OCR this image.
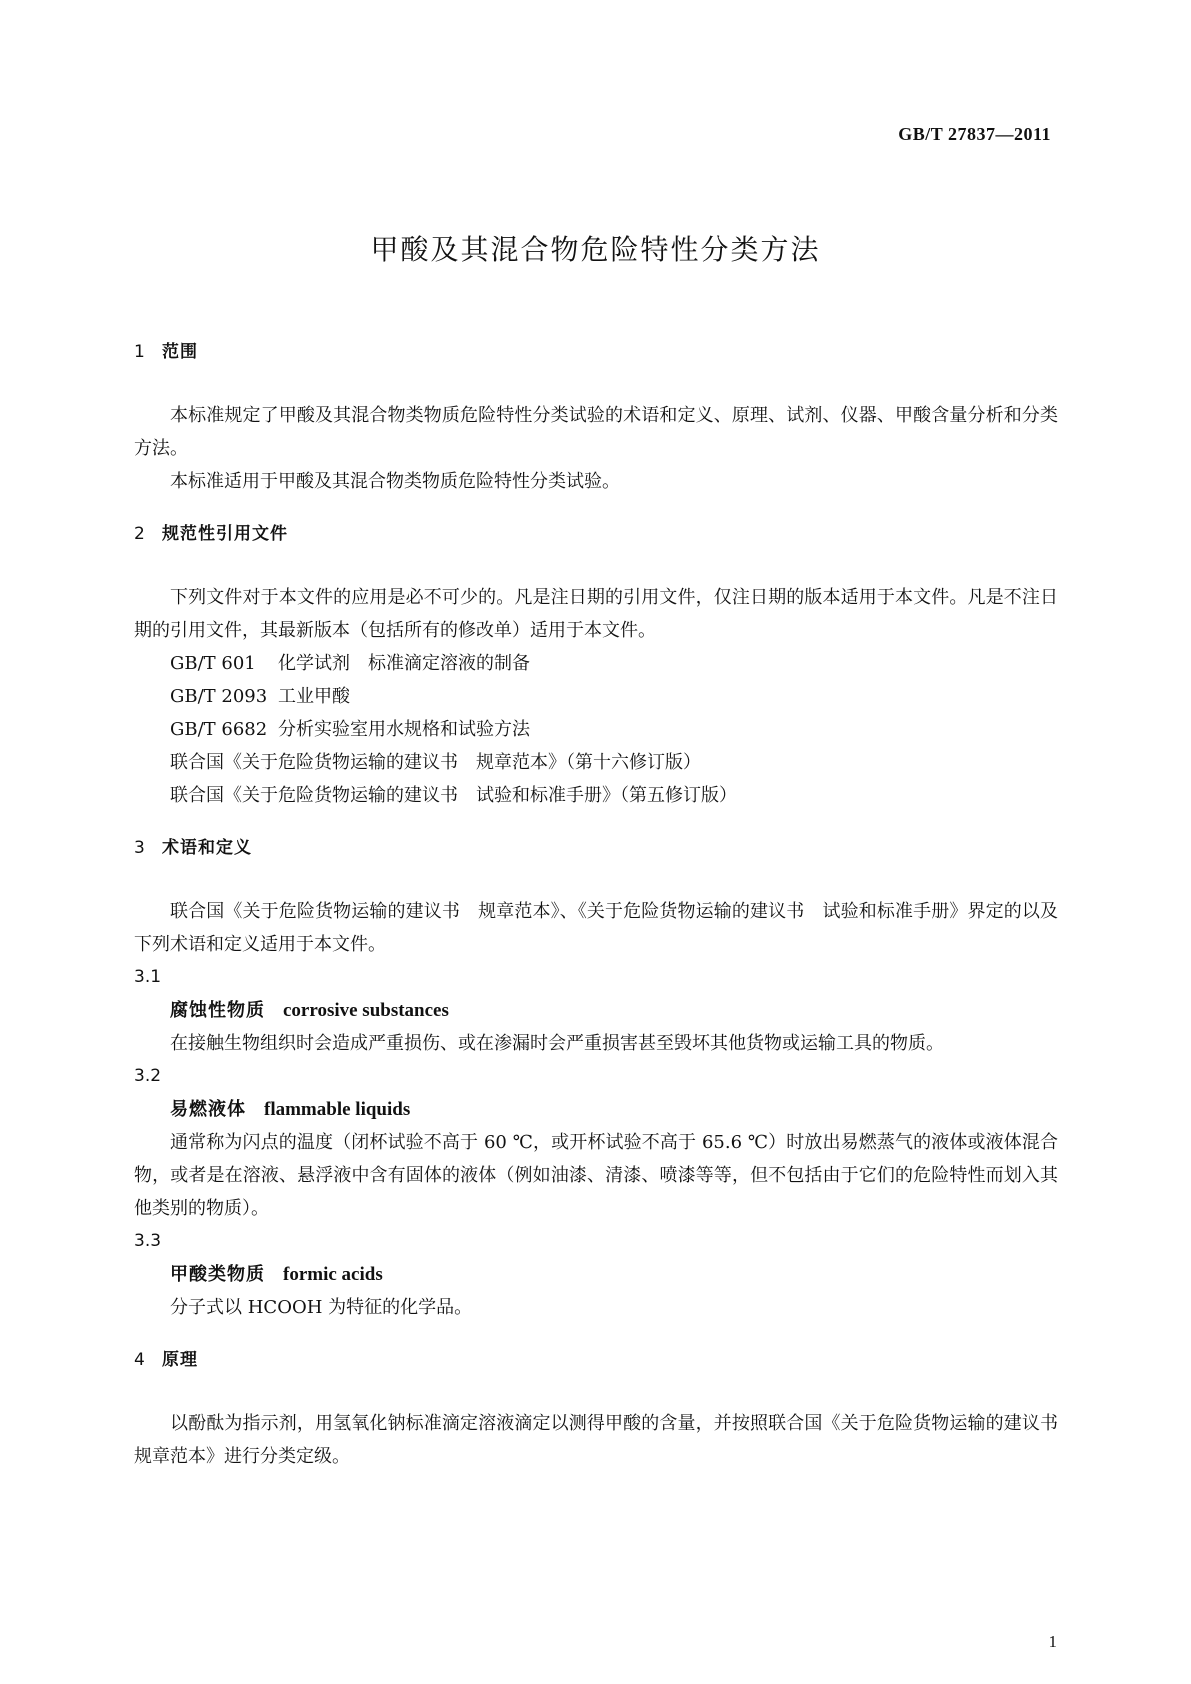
GB/T 27837—2011
甲酸及其混合物危险特性分类方法
1 范围

本标准规定了甲酸及其混合物类物质危险特性分类试验的术语和定义、原理、试剂、仪器、甲酸含量分析和分类方法。

本标准适用于甲酸及其混合物类物质危险特性分类试验。

2 规范性引用文件

下列文件对于本文件的应用是必不可少的。凡是注日期的引用文件，仅注日期的版本适用于本文件。凡是不注日期的引用文件，其最新版本（包括所有的修改单）适用于本文件。

GB/T 601 化学试剂　标准滴定溶液的制备
GB/T 2093 工业甲酸
GB/T 6682 分析实验室用水规格和试验方法
联合国《关于危险货物运输的建议书　规章范本》（第十六修订版）
联合国《关于危险货物运输的建议书　试验和标准手册》（第五修订版）
3 术语和定义

联合国《关于危险货物运输的建议书　规章范本》、《关于危险货物运输的建议书　试验和标准手册》界定的以及下列术语和定义适用于本文件。

3.1
腐蚀性物质 corrosive substances

在接触生物组织时会造成严重损伤、或在渗漏时会严重损害甚至毁坏其他货物或运输工具的物质。

3.2
易燃液体 flammable liquids

通常称为闪点的温度（闭杯试验不高于 60 ℃，或开杯试验不高于 65.6 ℃）时放出易燃蒸气的液体或液体混合物，或者是在溶液、悬浮液中含有固体的液体（例如油漆、清漆、喷漆等等，但不包括由于它们的危险特性而划入其他类别的物质）。

3.3
甲酸类物质 formic acids

分子式以 HCOOH 为特征的化学品。

4 原理

以酚酞为指示剂，用氢氧化钠标准滴定溶液滴定以测得甲酸的含量，并按照联合国《关于危险货物运输的建议书　规章范本》进行分类定级。

1
